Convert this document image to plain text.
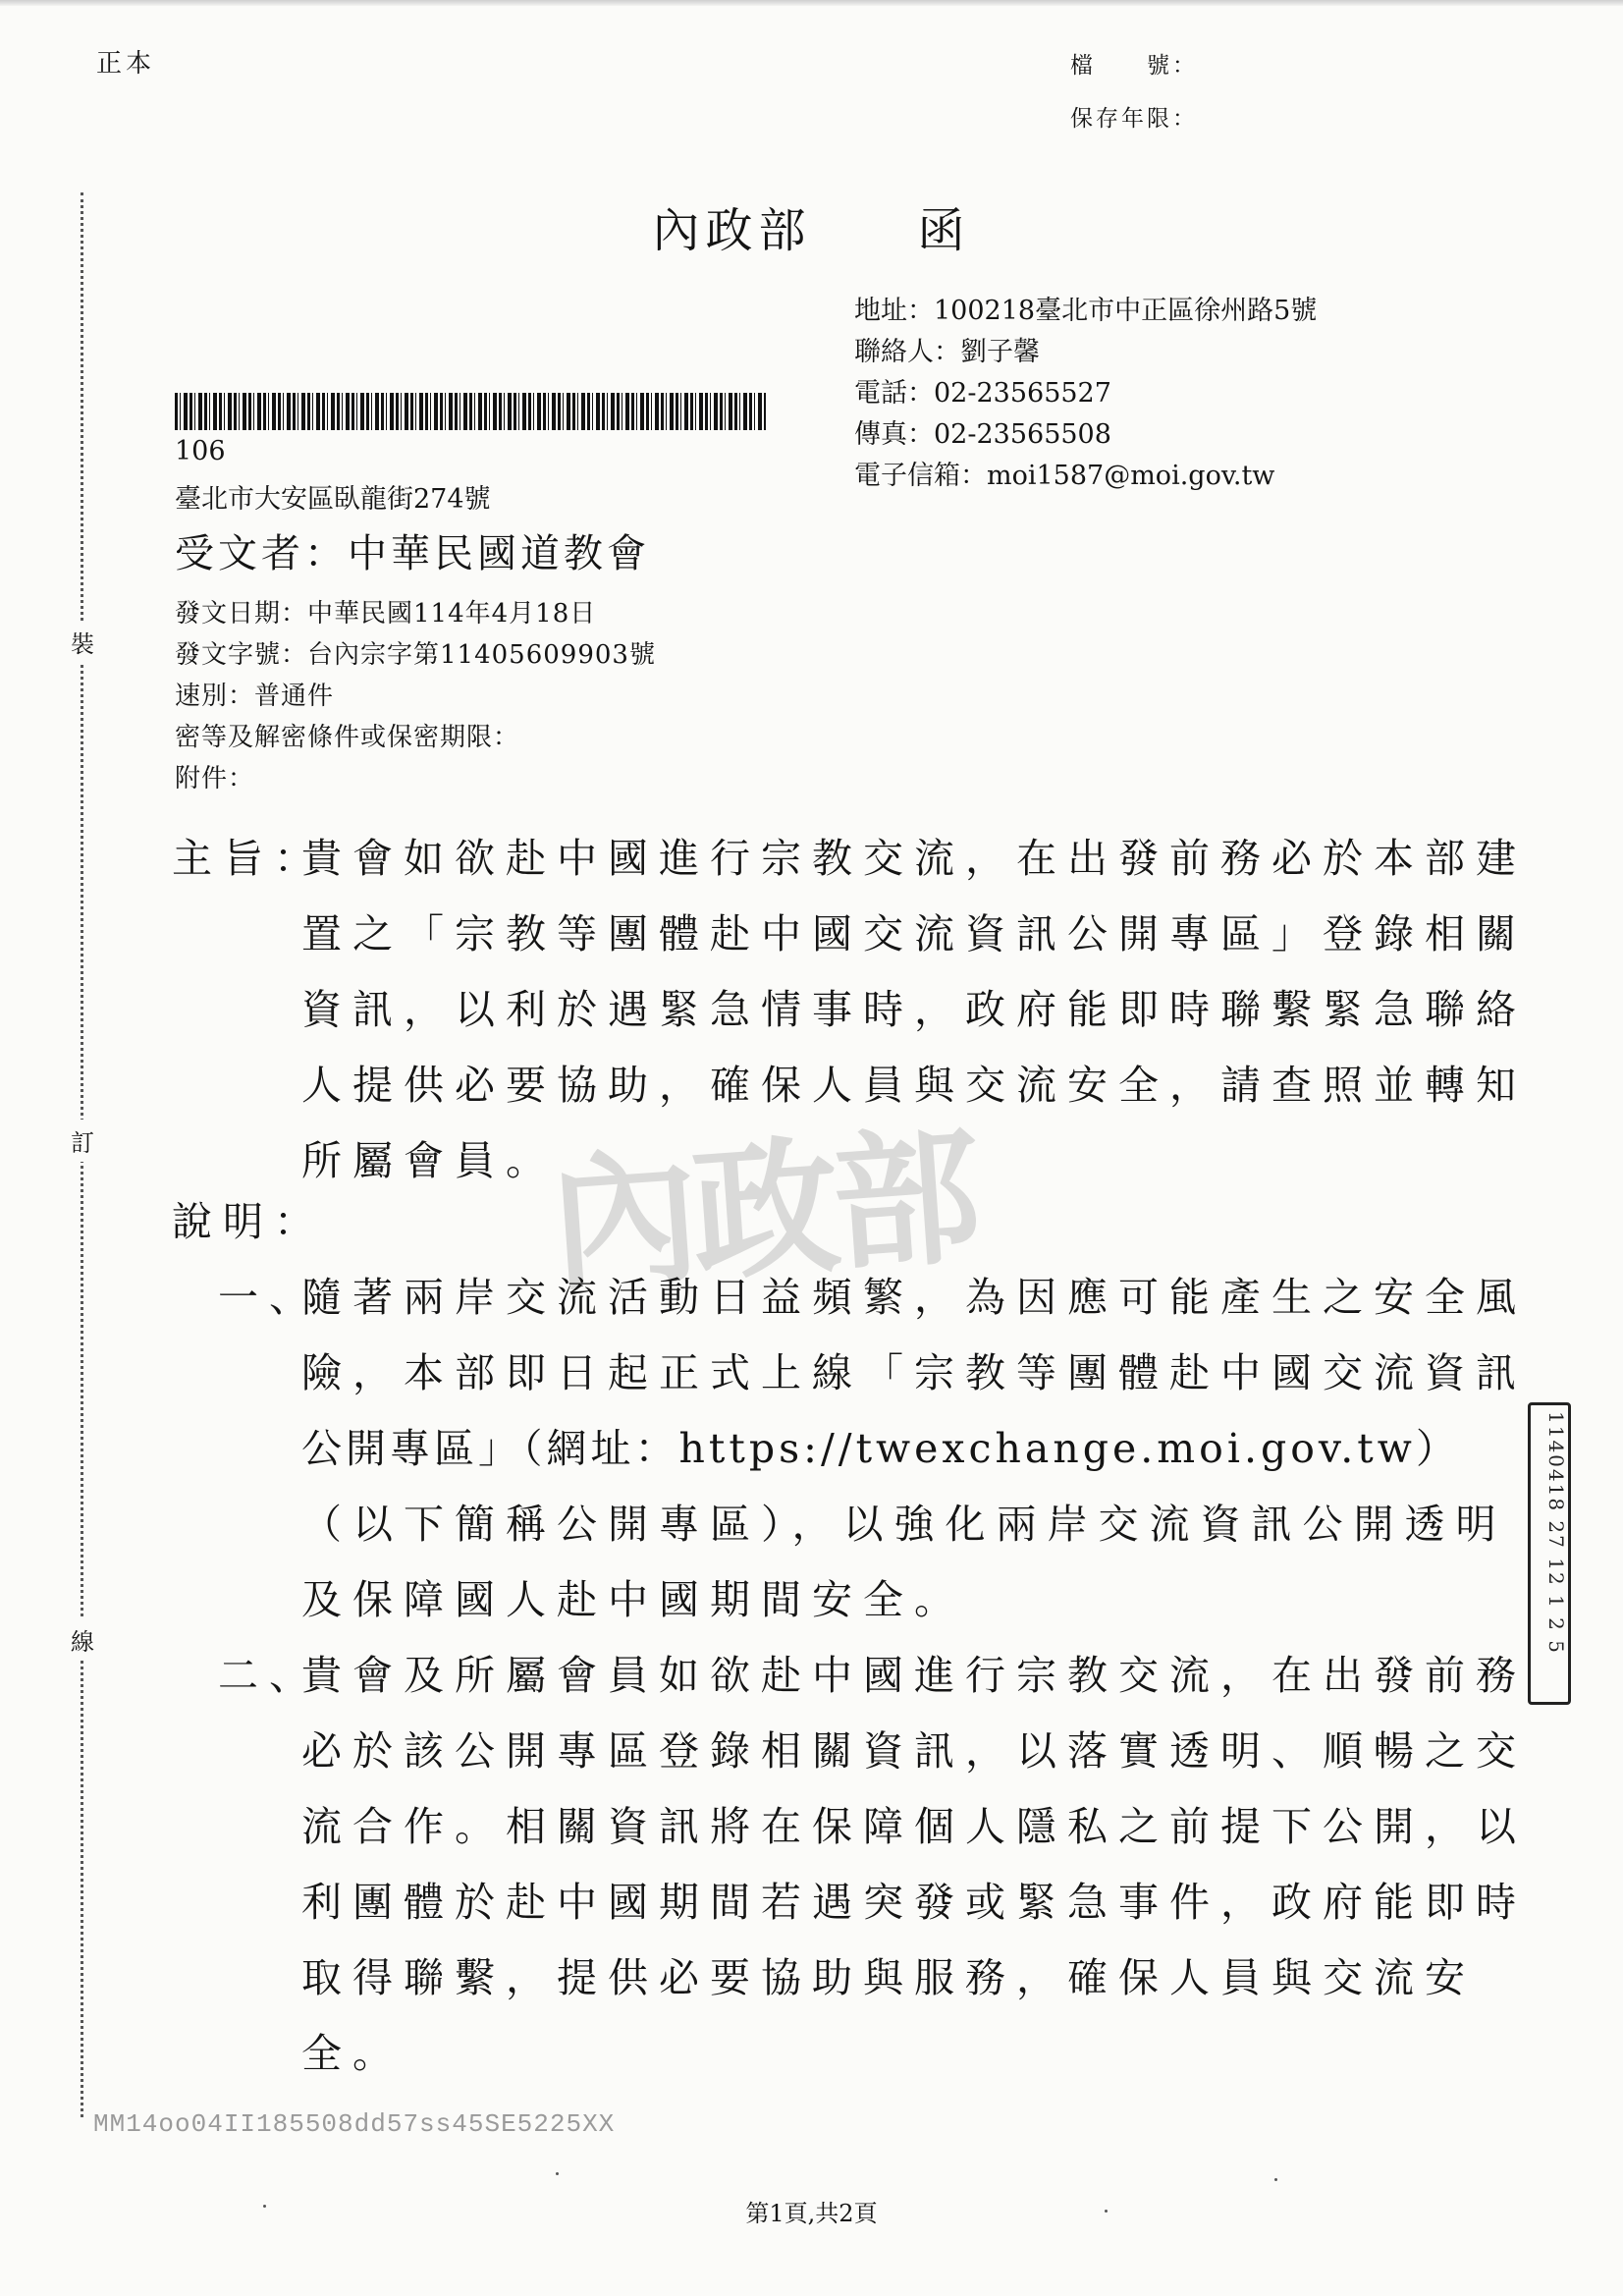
正本	檔　　號：
保存年限：
裝
訂
線
內政部　　函
地址：100218臺北市中正區徐州路5號
聯絡人：劉子馨
電話：02-23565527
傳真：02-23565508
電子信箱：moi1587@moi.gov.tw
106
臺北市大安區臥龍街274號
受文者：中華民國道教會
發文日期：中華民國114年4月18日
發文字號：台內宗字第11405609903號
速別：普通件
密等及解密條件或保密期限：
附件：
內政部
主旨：
貴會如欲赴中國進行宗教交流，在出發前務必於本部建
置之「宗教等團體赴中國交流資訊公開專區」登錄相關
資訊，以利於遇緊急情事時，政府能即時聯繫緊急聯絡
人提供必要協助，確保人員與交流安全，請查照並轉知
所屬會員。
說明：
一、
隨著兩岸交流活動日益頻繁，為因應可能產生之安全風
險，本部即日起正式上線「宗教等團體赴中國交流資訊
公開專區」（網址：https://twexchange.moi.gov.tw）
（以下簡稱公開專區），以強化兩岸交流資訊公開透明
及保障國人赴中國期間安全。
二、
貴會及所屬會員如欲赴中國進行宗教交流，在出發前務
必於該公開專區登錄相關資訊，以落實透明、順暢之交
流合作。相關資訊將在保障個人隱私之前提下公開，以
利團體於赴中國期間若遇突發或緊急事件，政府能即時
取得聯繫，提供必要協助與服務，確保人員與交流安
全。
1140418 27 12 1 2 5
MM14oo04II185508dd57ss45SE5225XX
第1頁,共2頁
